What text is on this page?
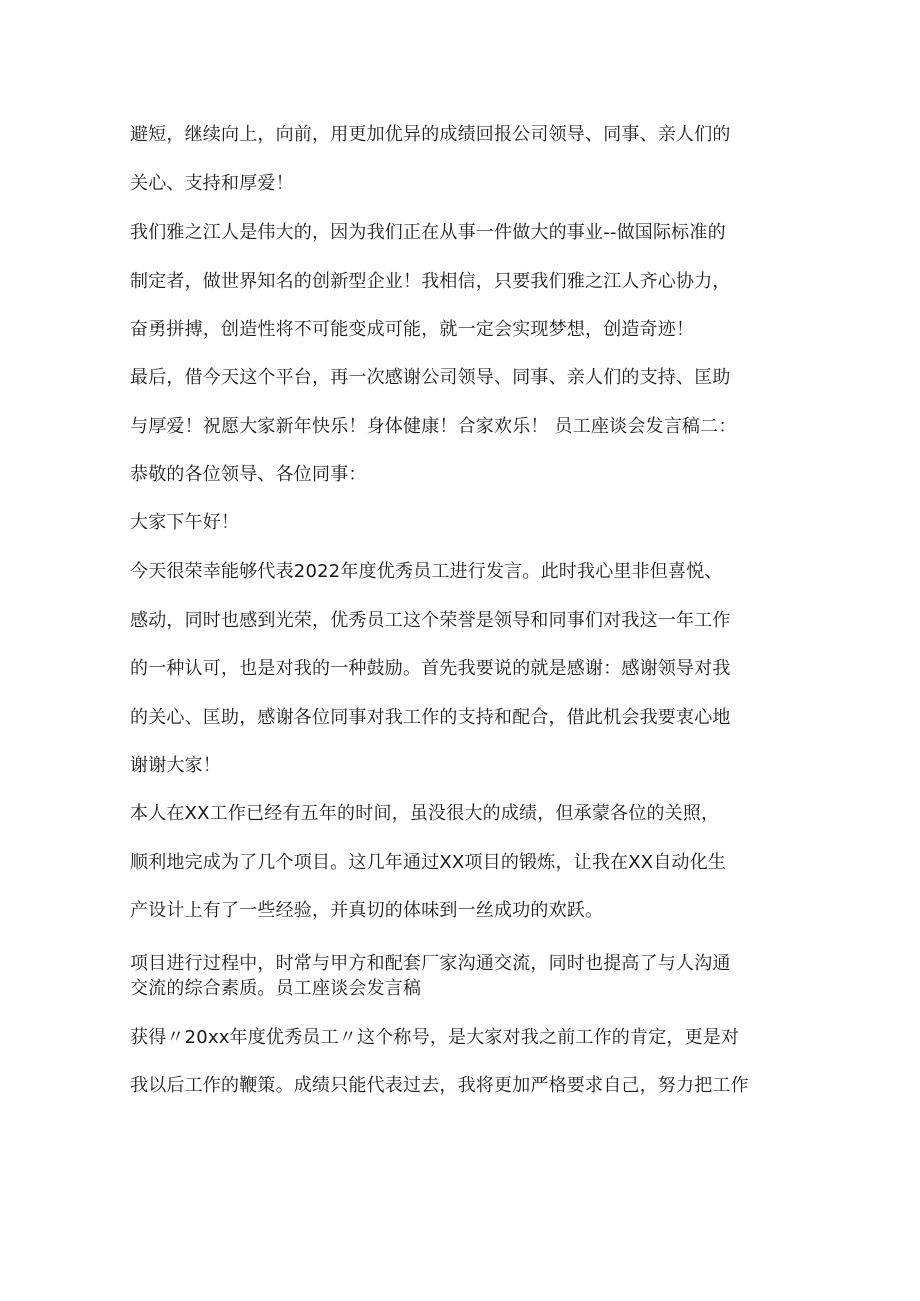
避短，继续向上，向前，用更加优异的成绩回报公司领导、同事、亲人们的
关心、支持和厚爱！
我们雅之江人是伟大的，因为我们正在从事一件做大的事业--做国际标准的
制定者，做世界知名的创新型企业！我相信，只要我们雅之江人齐心协力，
奋勇拼搏，创造性将不可能变成可能，就一定会实现梦想，创造奇迹！
最后，借今天这个平台，再一次感谢公司领导、同事、亲人们的支持、匡助
与厚爱！祝愿大家新年快乐！身体健康！合家欢乐！ 员工座谈会发言稿二：
恭敬的各位领导、各位同事：
大家下午好！
今天很荣幸能够代表2022年度优秀员工进行发言。此时我心里非但喜悦、
感动，同时也感到光荣，优秀员工这个荣誉是领导和同事们对我这一年工作
的一种认可，也是对我的一种鼓励。首先我要说的就是感谢：感谢领导对我
的关心、匡助，感谢各位同事对我工作的支持和配合，借此机会我要衷心地
谢谢大家！
本人在XX工作已经有五年的时间，虽没很大的成绩，但承蒙各位的关照，
顺利地完成为了几个项目。这几年通过XX项目的锻炼，让我在XX自动化生
产设计上有了一些经验，并真切的体味到一丝成功的欢跃。
项目进行过程中，时常与甲方和配套厂家沟通交流，同时也提高了与人沟通
交流的综合素质。员工座谈会发言稿
获得〃20xx年度优秀员工〃这个称号，是大家对我之前工作的肯定，更是对
我以后工作的鞭策。成绩只能代表过去，我将更加严格要求自己，努力把工作
